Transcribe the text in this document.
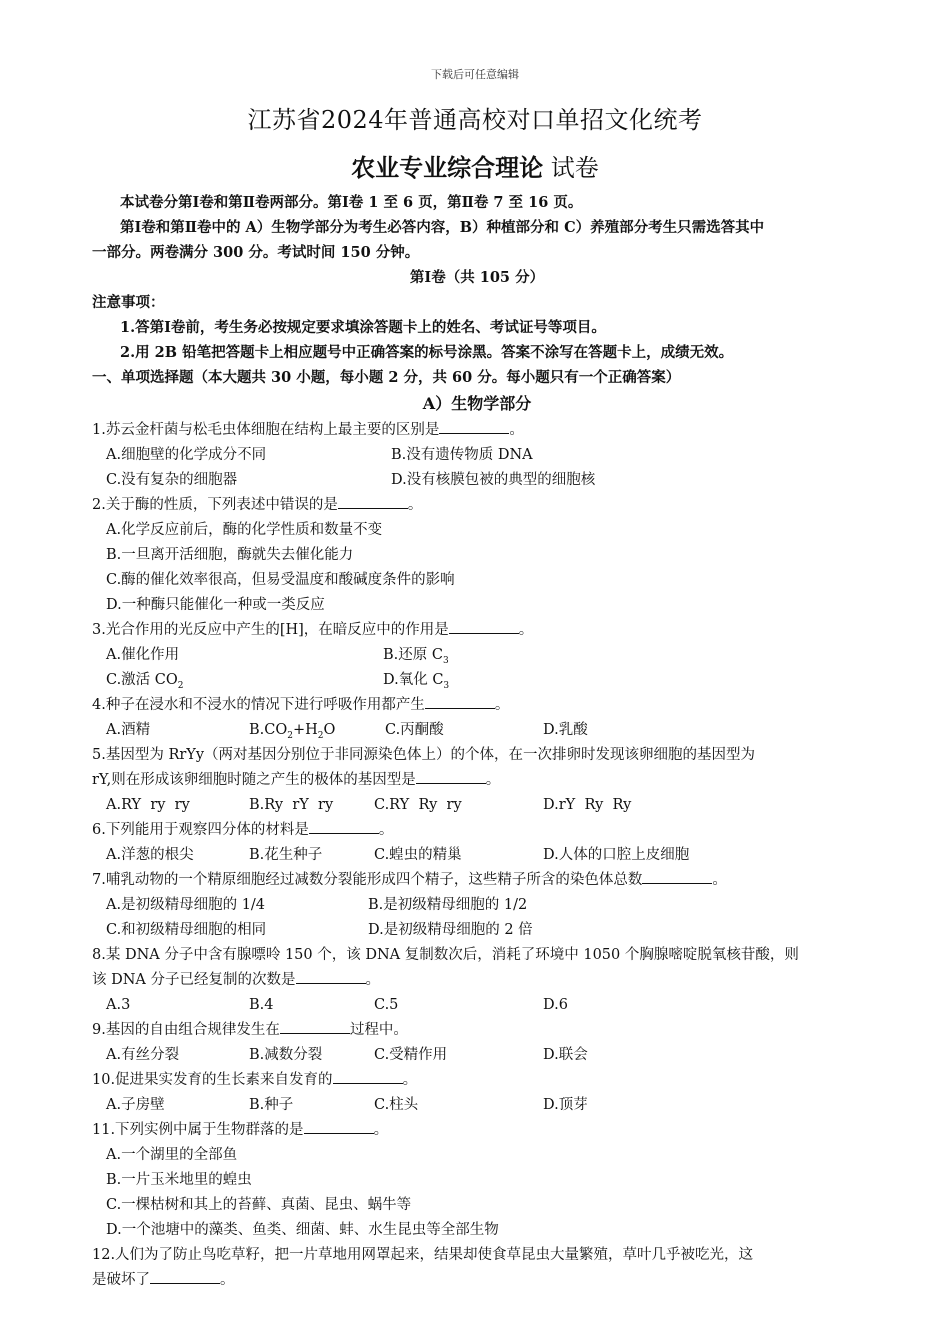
下载后可任意编辑
江苏省2024年普通高校对口单招文化统考
农业专业综合理论 试卷
本试卷分第Ⅰ卷和第Ⅱ卷两部分。第Ⅰ卷 1 至 6 页，第Ⅱ卷 7 至 16 页。
第Ⅰ卷和第Ⅱ卷中的 A）生物学部分为考生必答内容，B）种植部分和 C）养殖部分考生只需选答其中
一部分。两卷满分 300 分。考试时间 150 分钟。
第Ⅰ卷（共 105 分）
注意事项：
1.答第Ⅰ卷前，考生务必按规定要求填涂答题卡上的姓名、考试证号等项目。
2.用 2B 铅笔把答题卡上相应题号中正确答案的标号涂黑。答案不涂写在答题卡上，成绩无效。
一、单项选择题（本大题共 30 小题，每小题 2 分，共 60 分。每小题只有一个正确答案）
A）生物学部分
1.苏云金杆菌与松毛虫体细胞在结构上最主要的区别是	。
A.细胞壁的化学成分不同	B.没有遗传物质 DNA
C.没有复杂的细胞器	D.没有核膜包被的典型的细胞核
2.关于酶的性质，下列表述中错误的是	。
A.化学反应前后，酶的化学性质和数量不变
B.一旦离开活细胞，酶就失去催化能力
C.酶的催化效率很高，但易受温度和酸碱度条件的影响
D.一种酶只能催化一种或一类反应
3.光合作用的光反应中产生的[H]，在暗反应中的作用是	。
A.催化作用	B.还原 $C_3$
C.激活 $CO_2$	D.氧化 $C_3$
4.种子在浸水和不浸水的情况下进行呼吸作用都产生	。
A.酒精	$B.CO_2+H_2O$	C.丙酮酸	D.乳酸
5.基因型为 RrYy（两对基因分别位于非同源染色体上）的个体，在一次排卵时发现该卵细胞的基因型为
rY,则在形成该卵细胞时随之产生的极体的基因型是	。
A.RY  ry  ry	B.Ry  rY  ry	C.RY  Ry  ry	D.rY  Ry  Ry
6.下列能用于观察四分体的材料是	。
A.洋葱的根尖	B.花生种子	C.蝗虫的精巢	D.人体的口腔上皮细胞
7.哺乳动物的一个精原细胞经过减数分裂能形成四个精子，这些精子所含的染色体总数	。
A.是初级精母细胞的 1/4	B.是初级精母细胞的 1/2
C.和初级精母细胞的相同	D.是初级精母细胞的 2 倍
8.某 DNA 分子中含有腺嘌呤 150 个，该 DNA 复制数次后，消耗了环境中 1050 个胸腺嘧啶脱氧核苷酸，则
该 DNA 分子已经复制的次数是	。
A.3	B.4	C.5	D.6
9.基因的自由组合规律发生在	过程中。
A.有丝分裂	B.减数分裂	C.受精作用	D.联会
10.促进果实发育的生长素来自发育的	。
A.子房壁	B.种子	C.柱头	D.顶芽
11.下列实例中属于生物群落的是	。
A.一个湖里的全部鱼
B.一片玉米地里的蝗虫
C.一棵枯树和其上的苔藓、真菌、昆虫、蜗牛等
D.一个池塘中的藻类、鱼类、细菌、蚌、水生昆虫等全部生物
12.人们为了防止鸟吃草籽，把一片草地用网罩起来，结果却使食草昆虫大量繁殖，草叶几乎被吃光，这
是破坏了	。
